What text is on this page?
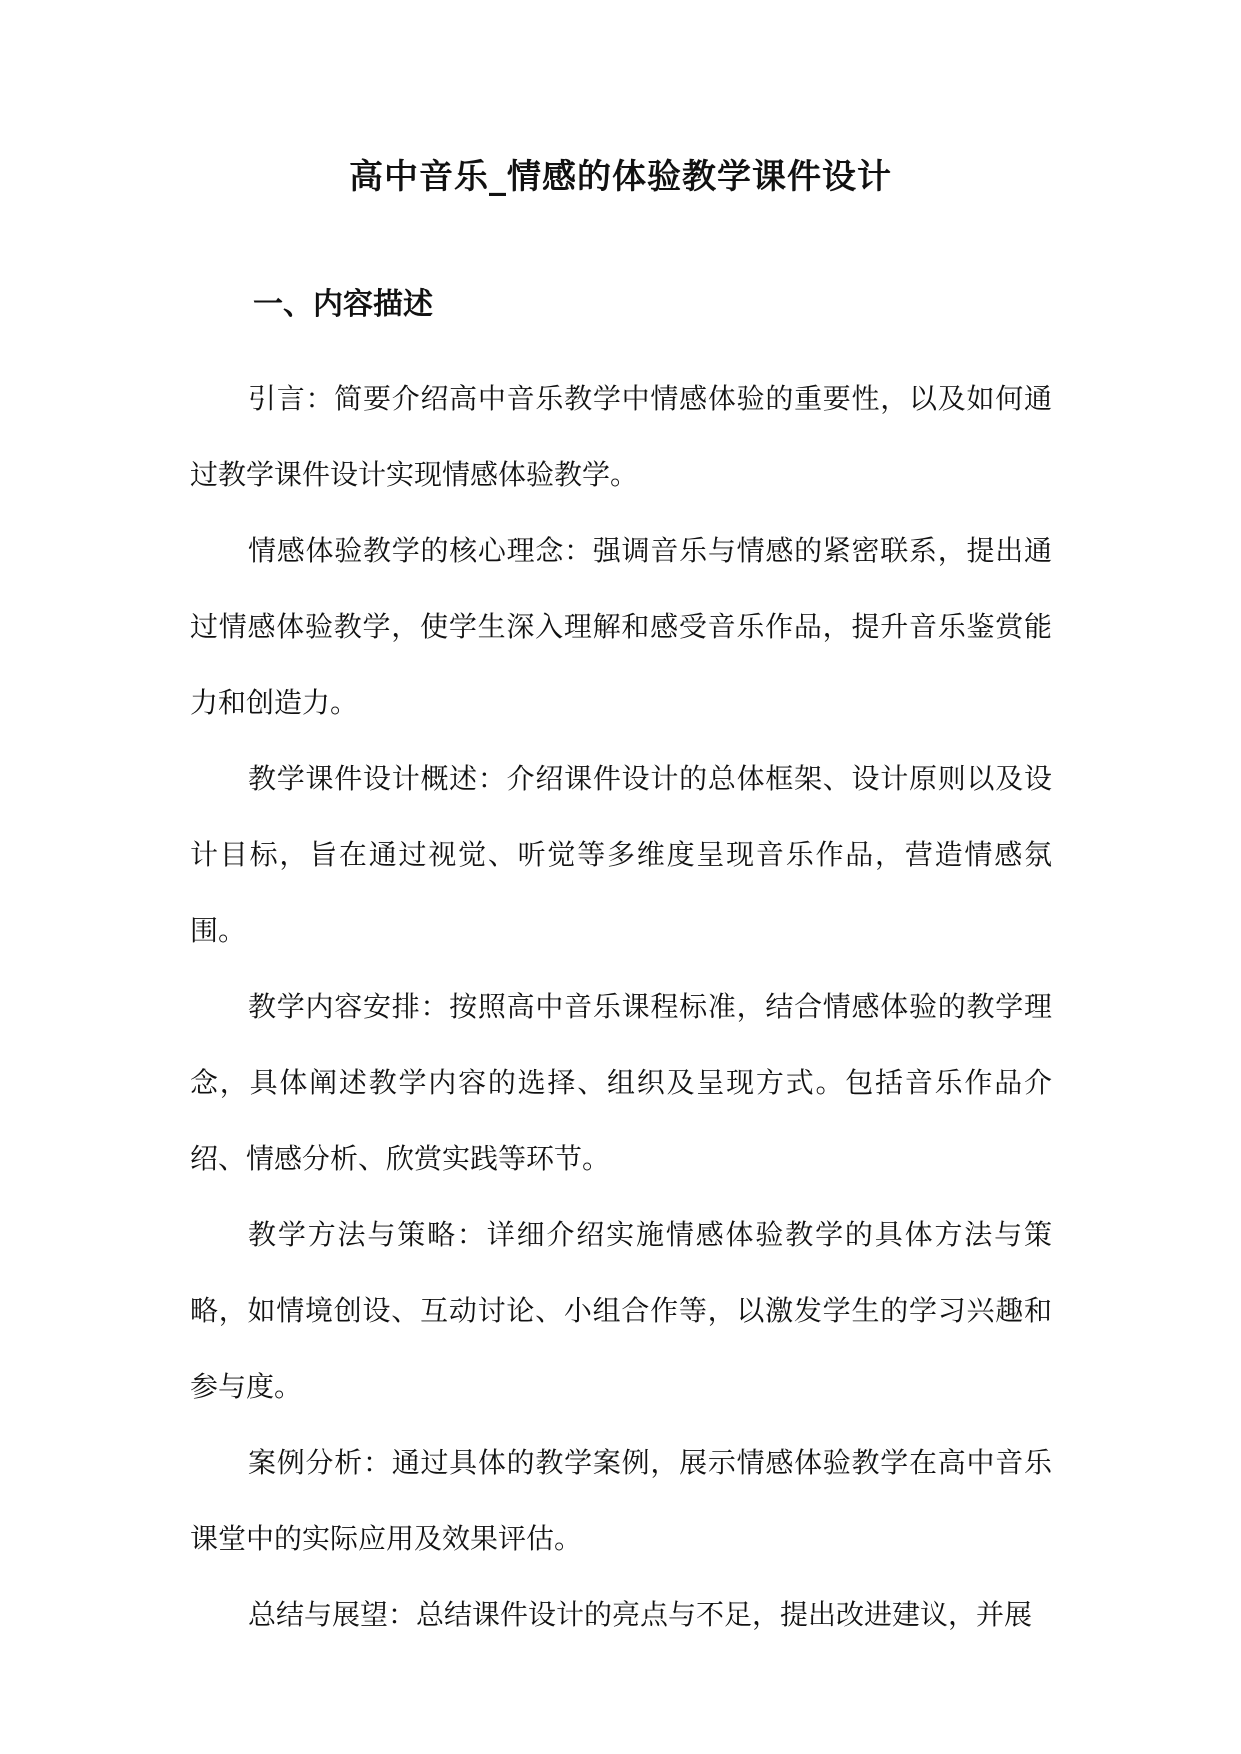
高中音乐_情感的体验教学课件设计
一、内容描述

引言：简要介绍高中音乐教学中情感体验的重要性，以及如何通过教学课件设计实现情感体验教学。

情感体验教学的核心理念：强调音乐与情感的紧密联系，提出通过情感体验教学，使学生深入理解和感受音乐作品，提升音乐鉴赏能力和创造力。

教学课件设计概述：介绍课件设计的总体框架、设计原则以及设计目标，旨在通过视觉、听觉等多维度呈现音乐作品，营造情感氛围。

教学内容安排：按照高中音乐课程标准，结合情感体验的教学理念，具体阐述教学内容的选择、组织及呈现方式。包括音乐作品介绍、情感分析、欣赏实践等环节。

教学方法与策略：详细介绍实施情感体验教学的具体方法与策略，如情境创设、互动讨论、小组合作等，以激发学生的学习兴趣和参与度。

案例分析：通过具体的教学案例，展示情感体验教学在高中音乐课堂中的实际应用及效果评估。

总结与展望：总结课件设计的亮点与不足，提出改进建议，并展
